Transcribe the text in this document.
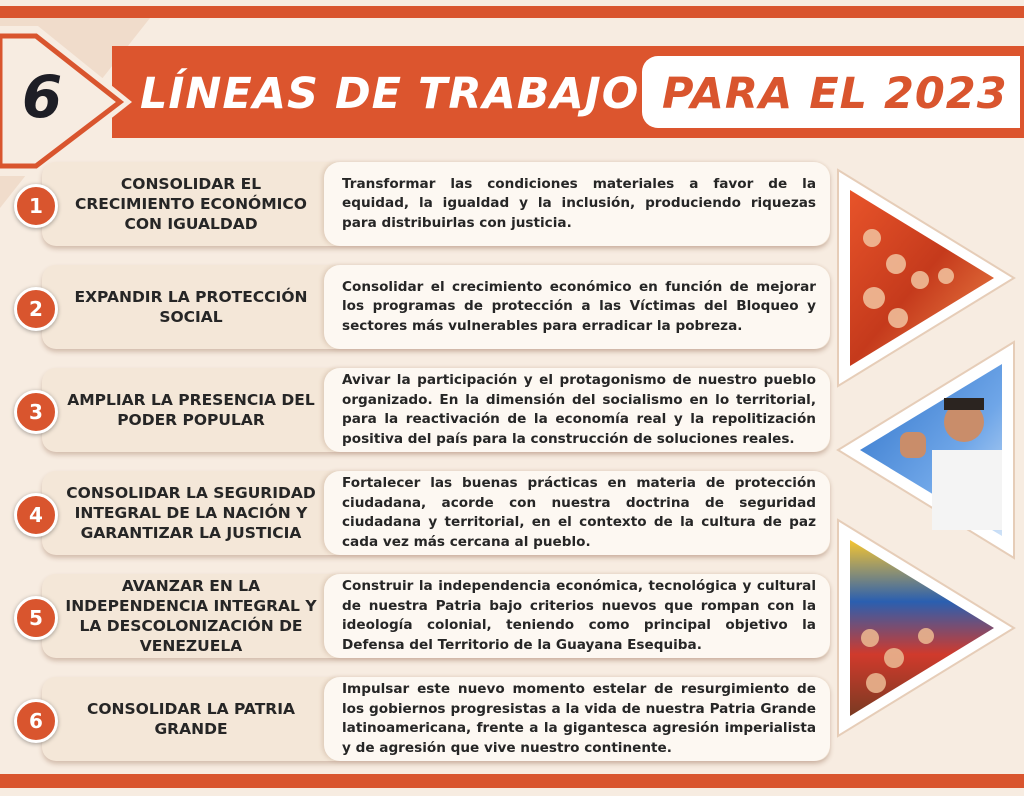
6 LÍNEAS DE TRABAJO PARA EL 2023
1
CONSOLIDAR EL CRECIMIENTO ECONÓMICO CON IGUALDAD
Transformar las condiciones materiales a favor de la equidad, la igualdad y la inclusión, produciendo riquezas para distribuirlas con justicia.
2	EXPANDIR LA PROTECCIÓN SOCIAL
Consolidar el crecimiento económico en función de mejorar los programas de protección a las Víctimas del Bloqueo y sectores más vulnerables para erradicar la pobreza.
3	AMPLIAR LA PRESENCIA DEL PODER POPULAR
Avivar la participación y el protagonismo de nuestro pueblo organizado. En la dimensión del socialismo en lo territorial, para la reactivación de la economía real y la repolitización positiva del país para la construcción de soluciones reales.
4
CONSOLIDAR LA SEGURIDAD INTEGRAL DE LA NACIÓN Y GARANTIZAR LA JUSTICIA
Fortalecer las buenas prácticas en materia de protección ciudadana, acorde con nuestra doctrina de seguridad ciudadana y territorial, en el contexto de la cultura de paz cada vez más cercana al pueblo.
5
AVANZAR EN LA INDEPENDENCIA INTEGRAL Y LA DESCOLONIZACIÓN DE VENEZUELA
Construir la independencia económica, tecnológica y cultural de nuestra Patria bajo criterios nuevos que rompan con la ideología colonial, teniendo como principal objetivo la Defensa del Territorio de la Guayana Esequiba.
6	CONSOLIDAR LA PATRIA GRANDE
Impulsar este nuevo momento estelar de resurgimiento de los gobiernos progresistas a la vida de nuestra Patria Grande latinoamericana, frente a la gigantesca agresión imperialista y de agresión que vive nuestro continente.
